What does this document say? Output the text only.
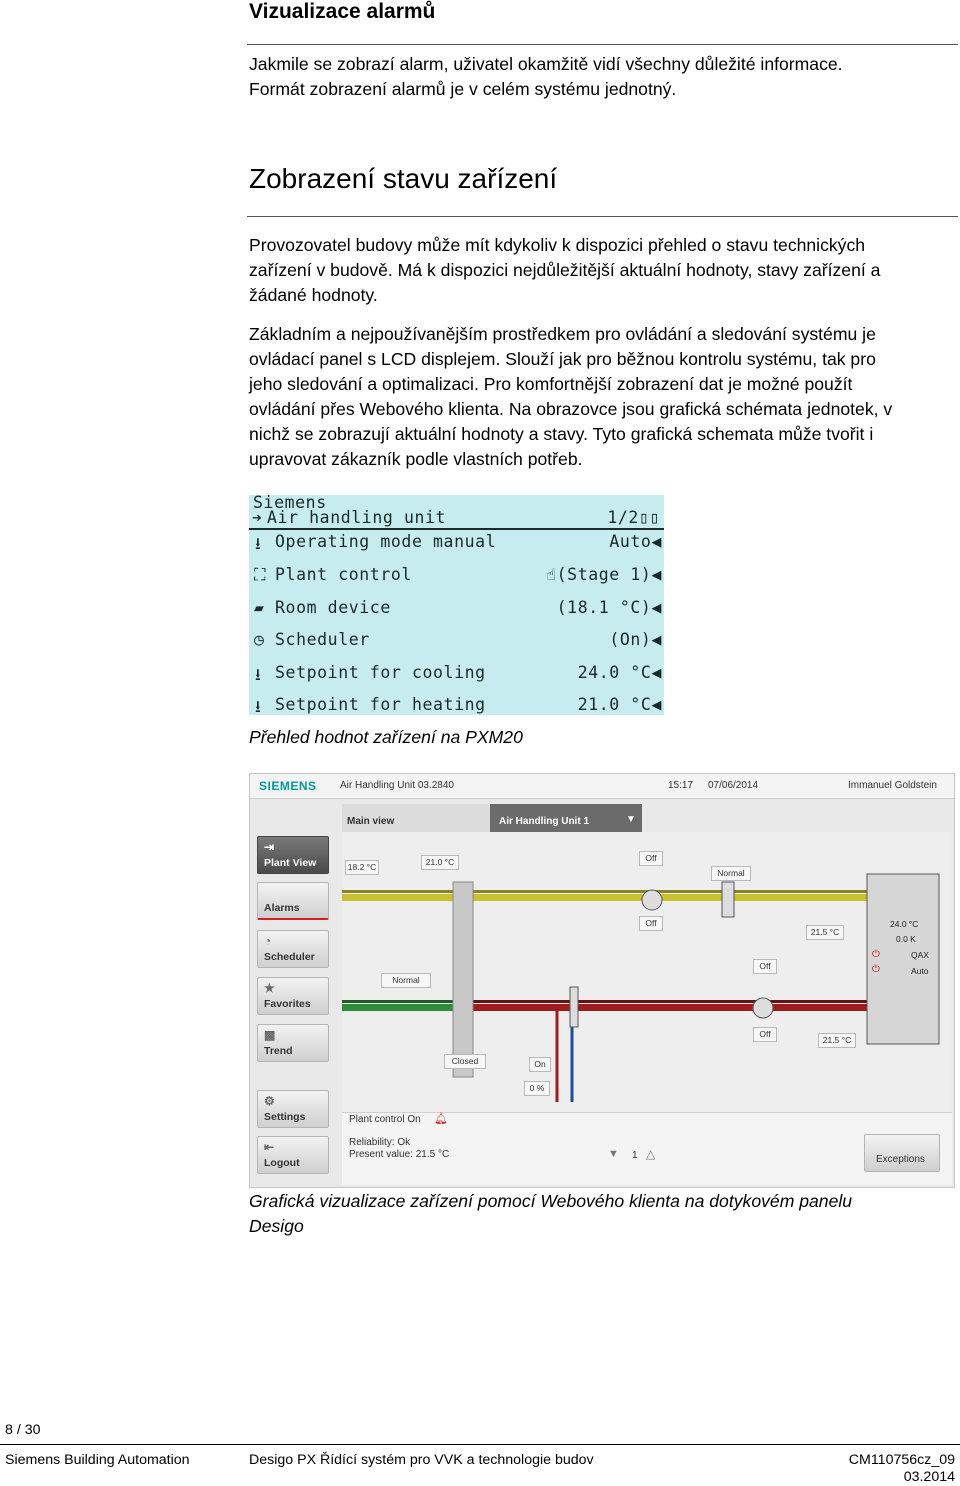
Vizualizace alarmů

Jakmile se zobrazí alarm, uživatel okamžitě vidí všechny důležité informace.

Formát zobrazení alarmů je v celém systému jednotný.

Zobrazení stavu zařízení

Provozovatel budovy může mít kdykoliv k dispozici přehled o stavu technických

zařízení v budově. Má k dispozici nejdůležitější aktuální hodnoty, stavy zařízení a

žádané hodnoty.

Základním a nejpoužívanějším prostředkem pro ovládání a sledování systému je

ovládací panel s LCD displejem. Slouží jak pro běžnou kontrolu systému, tak pro

jeho sledování a optimalizaci. Pro komfortnější zobrazení dat je možné použít

ovládání přes Webového klienta. Na obrazovce jsou grafická schémata jednotek, v

nichž se zobrazují aktuální hodnoty a stavy. Tyto grafická schemata může tvořit i

upravovat zákazník podle vlastních potřeb.

Siemens
➔ Air handling unit	1/2▯▯
⭳ Operating mode manual	Auto◀
⛶ Plant control	☝(Stage 1)◀
▰ Room device	(18.1 °C)◀
◷ Scheduler	(On)◀
⭳ Setpoint for cooling	24.0 °C◀
⭳ Setpoint for heating	21.0 °C◀

Přehled hodnot zařízení na PXM20

SIEMENS Air Handling Unit 03.2840	15:17 07/06/2014	Immanuel Goldstein
Main view	Air Handling Unit 1	▼
⇥
Plant View
Alarms
◔
Scheduler
★
Favorites
▩
Trend
⚙
Settings
⇤
Logout
18.2 °C	21.0 °C	Off
Off
Normal
21.5 °C
Normal
Closed	On
0 %
Off
Off
21.5 °C
24.0 °C
0.0 K
QAX
Auto
⏻
⏻
Plant control On 🔔︎
Reliability: Ok
Present value: 21.5 °C	▼ 1 △	Exceptions

Grafická vizualizace zařízení pomocí Webového klienta na dotykovém panelu

Desigo

8 / 30
Siemens Building Automation	Desigo PX Řídící systém pro VVK a technologie budov	CM110756cz_09
03.2014
